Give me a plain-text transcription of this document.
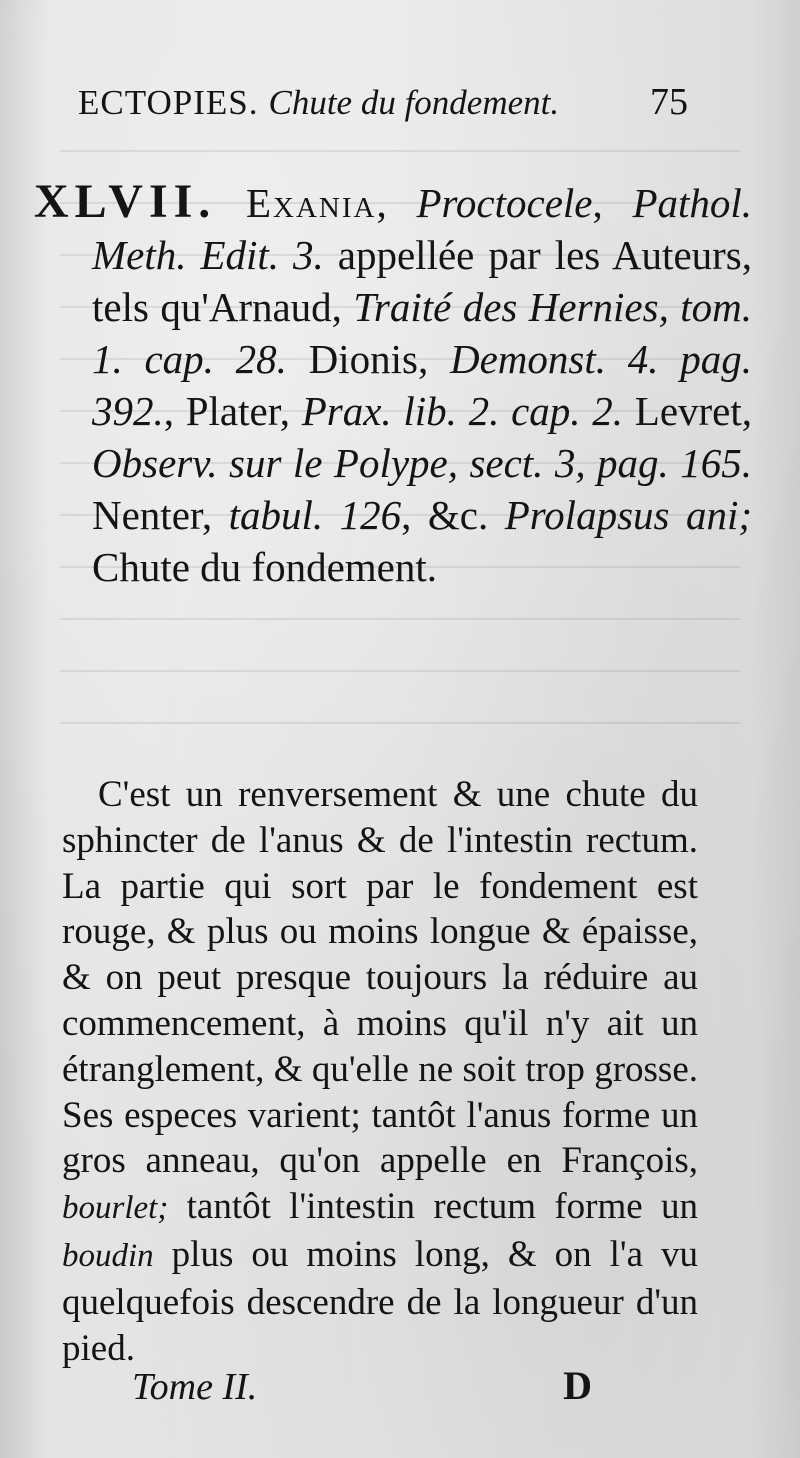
ECTOPIES. Chute du fondement. 75
XLVII. Exania, Proctocele, Pathol. Meth. Edit. 3. appellée par les Auteurs, tels qu'Arnaud, Traité des Hernies, tom. 1. cap. 28. Dionis, Demonst. 4. pag. 392., Plater, Prax. lib. 2. cap. 2. Levret, Observ. sur le Polype, sect. 3, pag. 165. Nenter, tabul. 126, &c. Prolapsus ani; Chute du fondement.
C'est un renversement & une chute du sphincter de l'anus & de l'intestin rectum. La partie qui sort par le fondement est rouge, & plus ou moins longue & épaisse, & on peut presque toujours la réduire au commencement, à moins qu'il n'y ait un étranglement, & qu'elle ne soit trop grosse. Ses especes varient; tantôt l'anus forme un gros anneau, qu'on appelle en François, bourlet; tantôt l'intestin rectum forme un boudin plus ou moins long, & on l'a vu quelquefois descendre de la longueur d'un pied.
Tome II.	D
